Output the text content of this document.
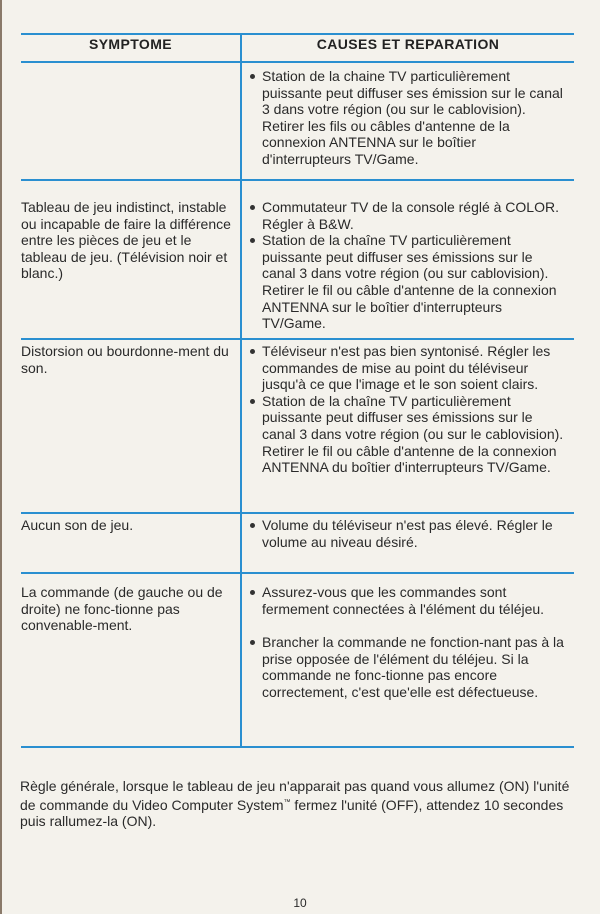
SYMPTOME	CAUSES ET REPARATION

Station de la chaine TV particulièrement puissante peut diffuser ses émission sur le canal 3 dans votre région (ou sur le cablovision). Retirer les fils ou câbles d'antenne de la connexion ANTENNA sur le boîtier d'interrupteurs TV/Game.

Tableau de jeu indistinct, instable ou incapable de faire la différence entre les pièces de jeu et le tableau de jeu. (Télévision noir et blanc.)

Commutateur TV de la console réglé à COLOR. Régler à B&W.

Station de la chaîne TV particulièrement puissante peut diffuser ses émissions sur le canal 3 dans votre région (ou sur cablovision). Retirer le fil ou câble d'antenne de la connexion ANTENNA sur le boîtier d'interrupteurs TV/Game.

Distorsion ou bourdonne-ment du son.

Téléviseur n'est pas bien syntonisé. Régler les commandes de mise au point du téléviseur jusqu'à ce que l'image et le son soient clairs.

Station de la chaîne TV particulièrement puissante peut diffuser ses émissions sur le canal 3 dans votre région (ou sur le cablovision). Retirer le fil ou câble d'antenne de la connexion ANTENNA du boîtier d'interrupteurs TV/Game.

Aucun son de jeu.	Volume du téléviseur n'est pas élevé. Régler le volume au niveau désiré.

La commande (de gauche ou de droite) ne fonc-tionne pas convenable-ment.

Assurez-vous que les commandes sont fermement connectées à l'élément du téléjeu.

Brancher la commande ne fonction-nant pas à la prise opposée de l'élément du téléjeu. Si la commande ne fonc-tionne pas encore correctement, c'est que'elle est défectueuse.

Règle générale, lorsque le tableau de jeu n'apparait pas quand vous allumez (ON) l'unité de commande du Video Computer System™ fermez l'unité (OFF), attendez 10 secondes puis rallumez-la (ON).
10
